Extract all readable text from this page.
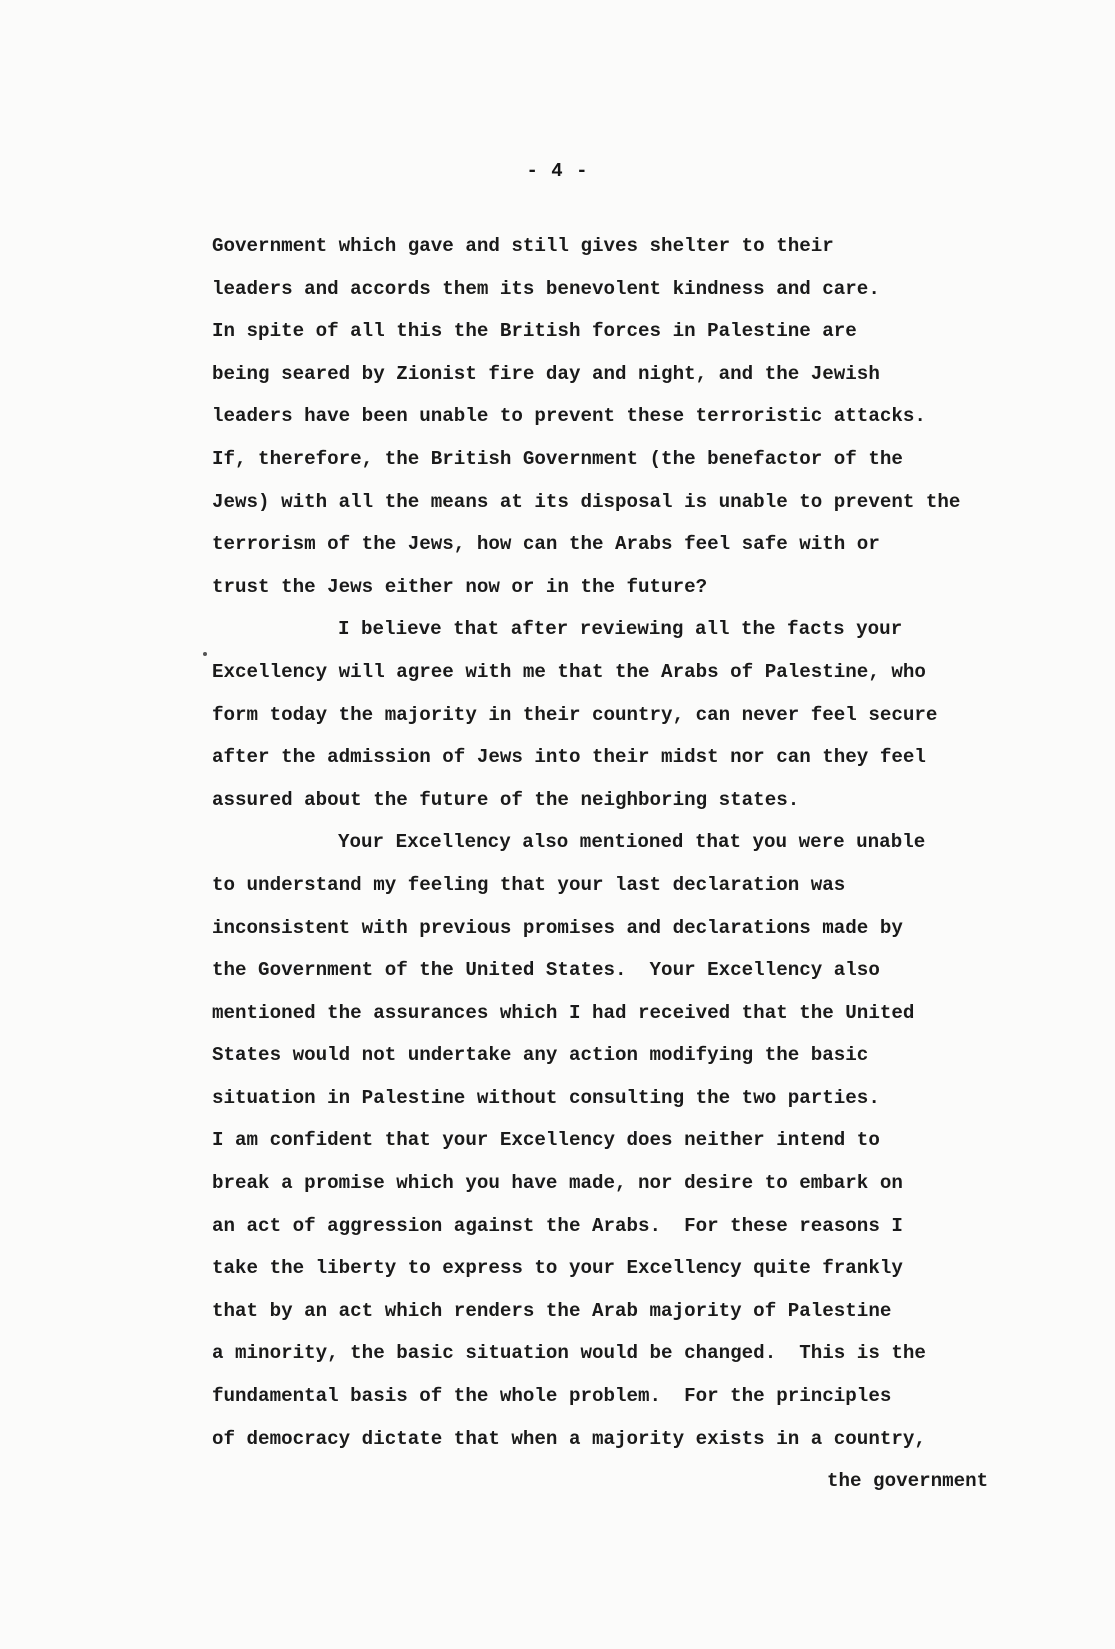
- 4 -
Government which gave and still gives shelter to their
leaders and accords them its benevolent kindness and care.
In spite of all this the British forces in Palestine are
being seared by Zionist fire day and night, and the Jewish
leaders have been unable to prevent these terroristic attacks.
If, therefore, the British Government (the benefactor of the
Jews) with all the means at its disposal is unable to prevent the
terrorism of the Jews, how can the Arabs feel safe with or
trust the Jews either now or in the future?
I believe that after reviewing all the facts your
Excellency will agree with me that the Arabs of Palestine, who
form today the majority in their country, can never feel secure
after the admission of Jews into their midst nor can they feel
assured about the future of the neighboring states.
Your Excellency also mentioned that you were unable
to understand my feeling that your last declaration was
inconsistent with previous promises and declarations made by
the Government of the United States.  Your Excellency also
mentioned the assurances which I had received that the United
States would not undertake any action modifying the basic
situation in Palestine without consulting the two parties.
I am confident that your Excellency does neither intend to
break a promise which you have made, nor desire to embark on
an act of aggression against the Arabs.  For these reasons I
take the liberty to express to your Excellency quite frankly
that by an act which renders the Arab majority of Palestine
a minority, the basic situation would be changed.  This is the
fundamental basis of the whole problem.  For the principles
of democracy dictate that when a majority exists in a country,
the government
